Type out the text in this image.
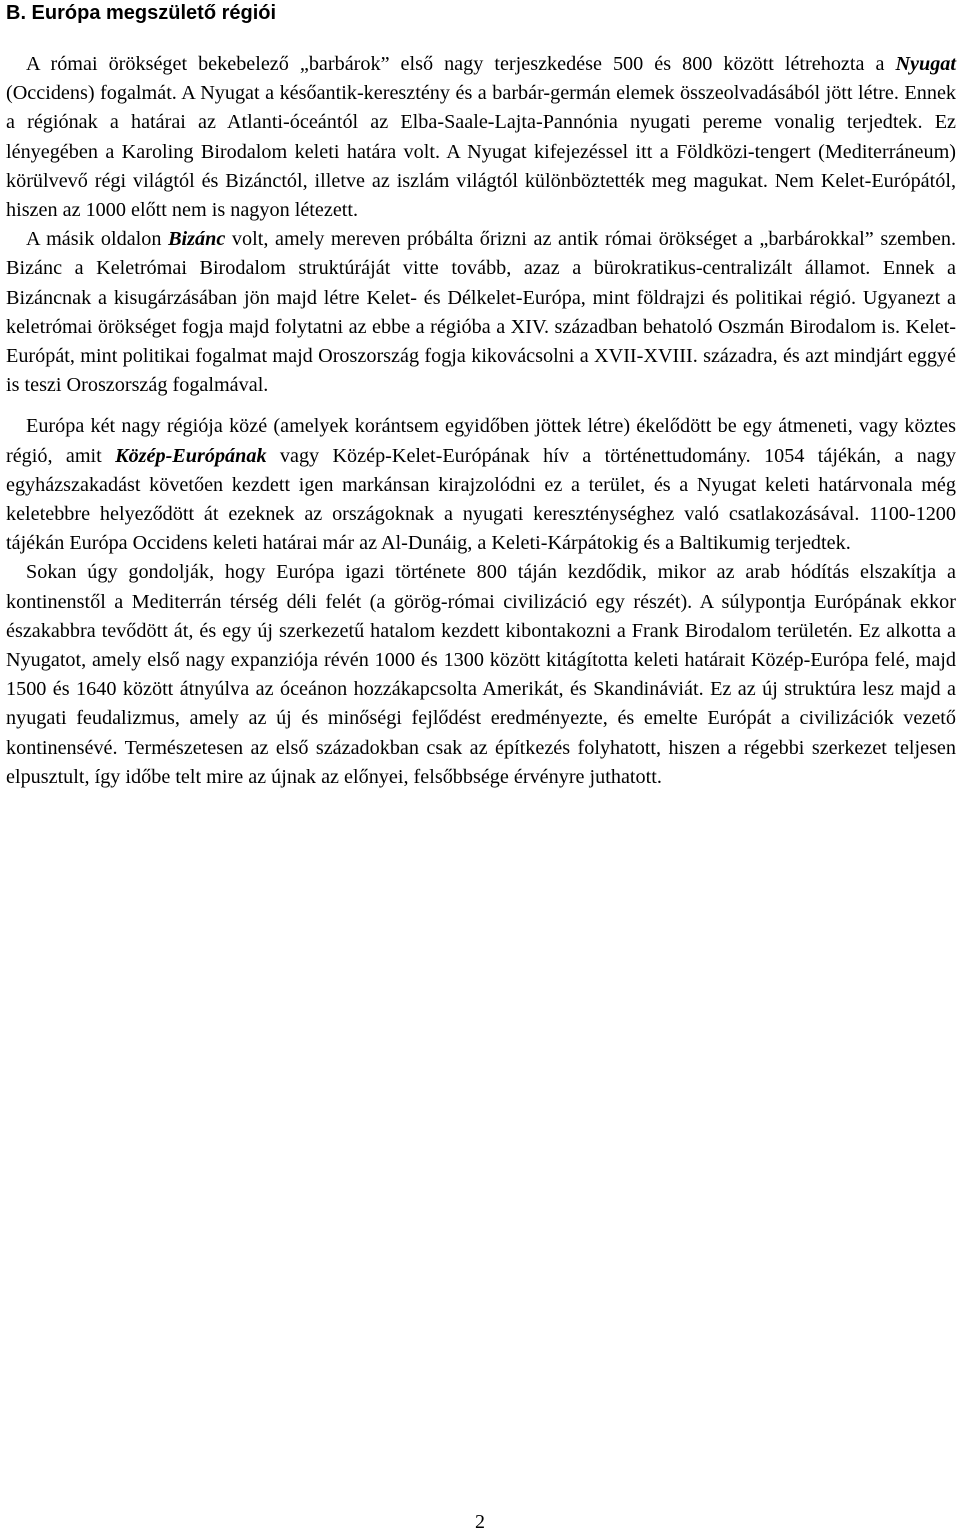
B. Európa megszülető régiói

A római örökséget bekebelező „barbárok” első nagy terjeszkedése 500 és 800 között létrehozta a Nyugat (Occidens) fogalmát. A Nyugat a későantik-keresztény és a barbár-germán elemek összeolvadásából jött létre. Ennek a régiónak a határai az Atlanti-óceántól az Elba-Saale-Lajta-Pannónia nyugati pereme vonalig terjedtek. Ez lényegében a Karoling Birodalom keleti határa volt. A Nyugat kifejezéssel itt a Földközi-tengert (Mediterráneum) körülvevő régi világtól és Bizánctól, illetve az iszlám világtól különböztették meg magukat. Nem Kelet-Európától, hiszen az 1000 előtt nem is nagyon létezett.

A másik oldalon Bizánc volt, amely mereven próbálta őrizni az antik római örökséget a „barbárokkal” szemben. Bizánc a Keletrómai Birodalom struktúráját vitte tovább, azaz a bürokratikus-centralizált államot. Ennek a Bizáncnak a kisugárzásában jön majd létre Kelet- és Délkelet-Európa, mint földrajzi és politikai régió. Ugyanezt a keletrómai örökséget fogja majd folytatni az ebbe a régióba a XIV. században behatoló Oszmán Birodalom is. Kelet-Európát, mint politikai fogalmat majd Oroszország fogja kikovácsolni a XVII-XVIII. századra, és azt mindjárt eggyé is teszi Oroszország fogalmával.

Európa két nagy régiója közé (amelyek korántsem egyidőben jöttek létre) ékelődött be egy átmeneti, vagy köztes régió, amit Közép-Európának vagy Közép-Kelet-Európának hív a történettudomány. 1054 tájékán, a nagy egyházszakadást követően kezdett igen markánsan kirajzolódni ez a terület, és a Nyugat keleti határvonala még keletebbre helyeződött át ezeknek az országoknak a nyugati kereszténységhez való csatlakozásával. 1100-1200 tájékán Európa Occidens keleti határai már az Al-Dunáig, a Keleti-Kárpátokig és a Baltikumig terjedtek.

Sokan úgy gondolják, hogy Európa igazi története 800 táján kezdődik, mikor az arab hódítás elszakítja a kontinenstől a Mediterrán térség déli felét (a görög-római civilizáció egy részét). A súlypontja Európának ekkor északabbra tevődött át, és egy új szerkezetű hatalom kezdett kibontakozni a Frank Birodalom területén. Ez alkotta a Nyugatot, amely első nagy expanziója révén 1000 és 1300 között kitágította keleti határait Közép-Európa felé, majd 1500 és 1640 között átnyúlva az óceánon hozzákapcsolta Amerikát, és Skandináviát. Ez az új struktúra lesz majd a nyugati feudalizmus, amely az új és minőségi fejlődést eredményezte, és emelte Európát a civilizációk vezető kontinensévé. Természetesen az első századokban csak az építkezés folyhatott, hiszen a régebbi szerkezet teljesen elpusztult, így időbe telt mire az újnak az előnyei, felsőbbsége érvényre juthatott.

2
